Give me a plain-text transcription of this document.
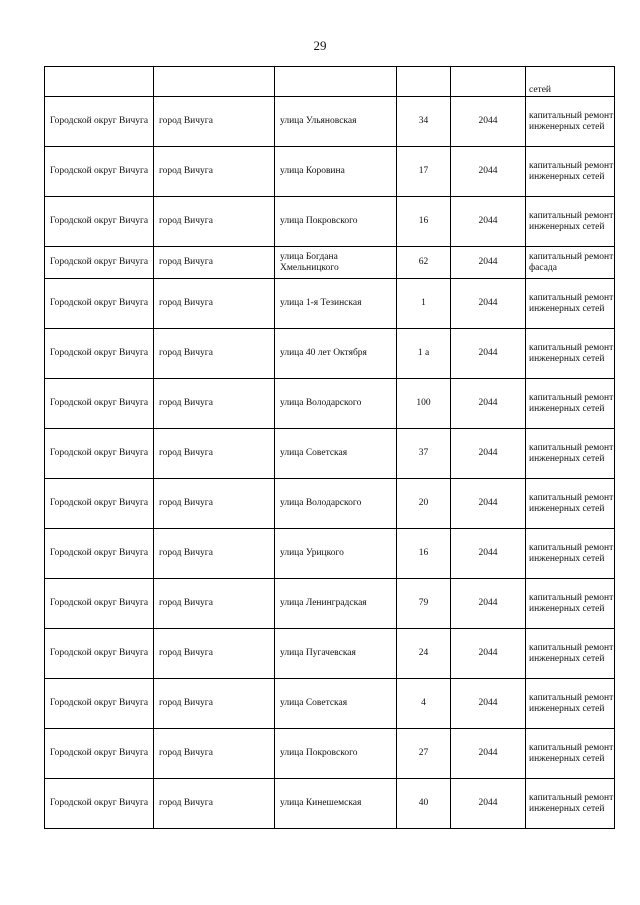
29
					сетей
Городской округ Вичуга	город Вичуга	улица Ульяновская	34	2044	капитальный ремонт инженерных сетей
Городской округ Вичуга	город Вичуга	улица Коровина	17	2044	капитальный ремонт инженерных сетей
Городской округ Вичуга	город Вичуга	улица Покровского	16	2044	капитальный ремонт инженерных сетей
Городской округ Вичуга	город Вичуга	улица Богдана Хмельницкого	62	2044	капитальный ремонт фасада
Городской округ Вичуга	город Вичуга	улица 1-я Тезинская	1	2044	капитальный ремонт инженерных сетей
Городской округ Вичуга	город Вичуга	улица 40 лет Октября	1 а	2044	капитальный ремонт инженерных сетей
Городской округ Вичуга	город Вичуга	улица Володарского	100	2044	капитальный ремонт инженерных сетей
Городской округ Вичуга	город Вичуга	улица Советская	37	2044	капитальный ремонт инженерных сетей
Городской округ Вичуга	город Вичуга	улица Володарского	20	2044	капитальный ремонт инженерных сетей
Городской округ Вичуга	город Вичуга	улица Урицкого	16	2044	капитальный ремонт инженерных сетей
Городской округ Вичуга	город Вичуга	улица Ленинградская	79	2044	капитальный ремонт инженерных сетей
Городской округ Вичуга	город Вичуга	улица Пугачевская	24	2044	капитальный ремонт инженерных сетей
Городской округ Вичуга	город Вичуга	улица Советская	4	2044	капитальный ремонт инженерных сетей
Городской округ Вичуга	город Вичуга	улица Покровского	27	2044	капитальный ремонт инженерных сетей
Городской округ Вичуга	город Вичуга	улица Кинешемская	40	2044	капитальный ремонт инженерных сетей
